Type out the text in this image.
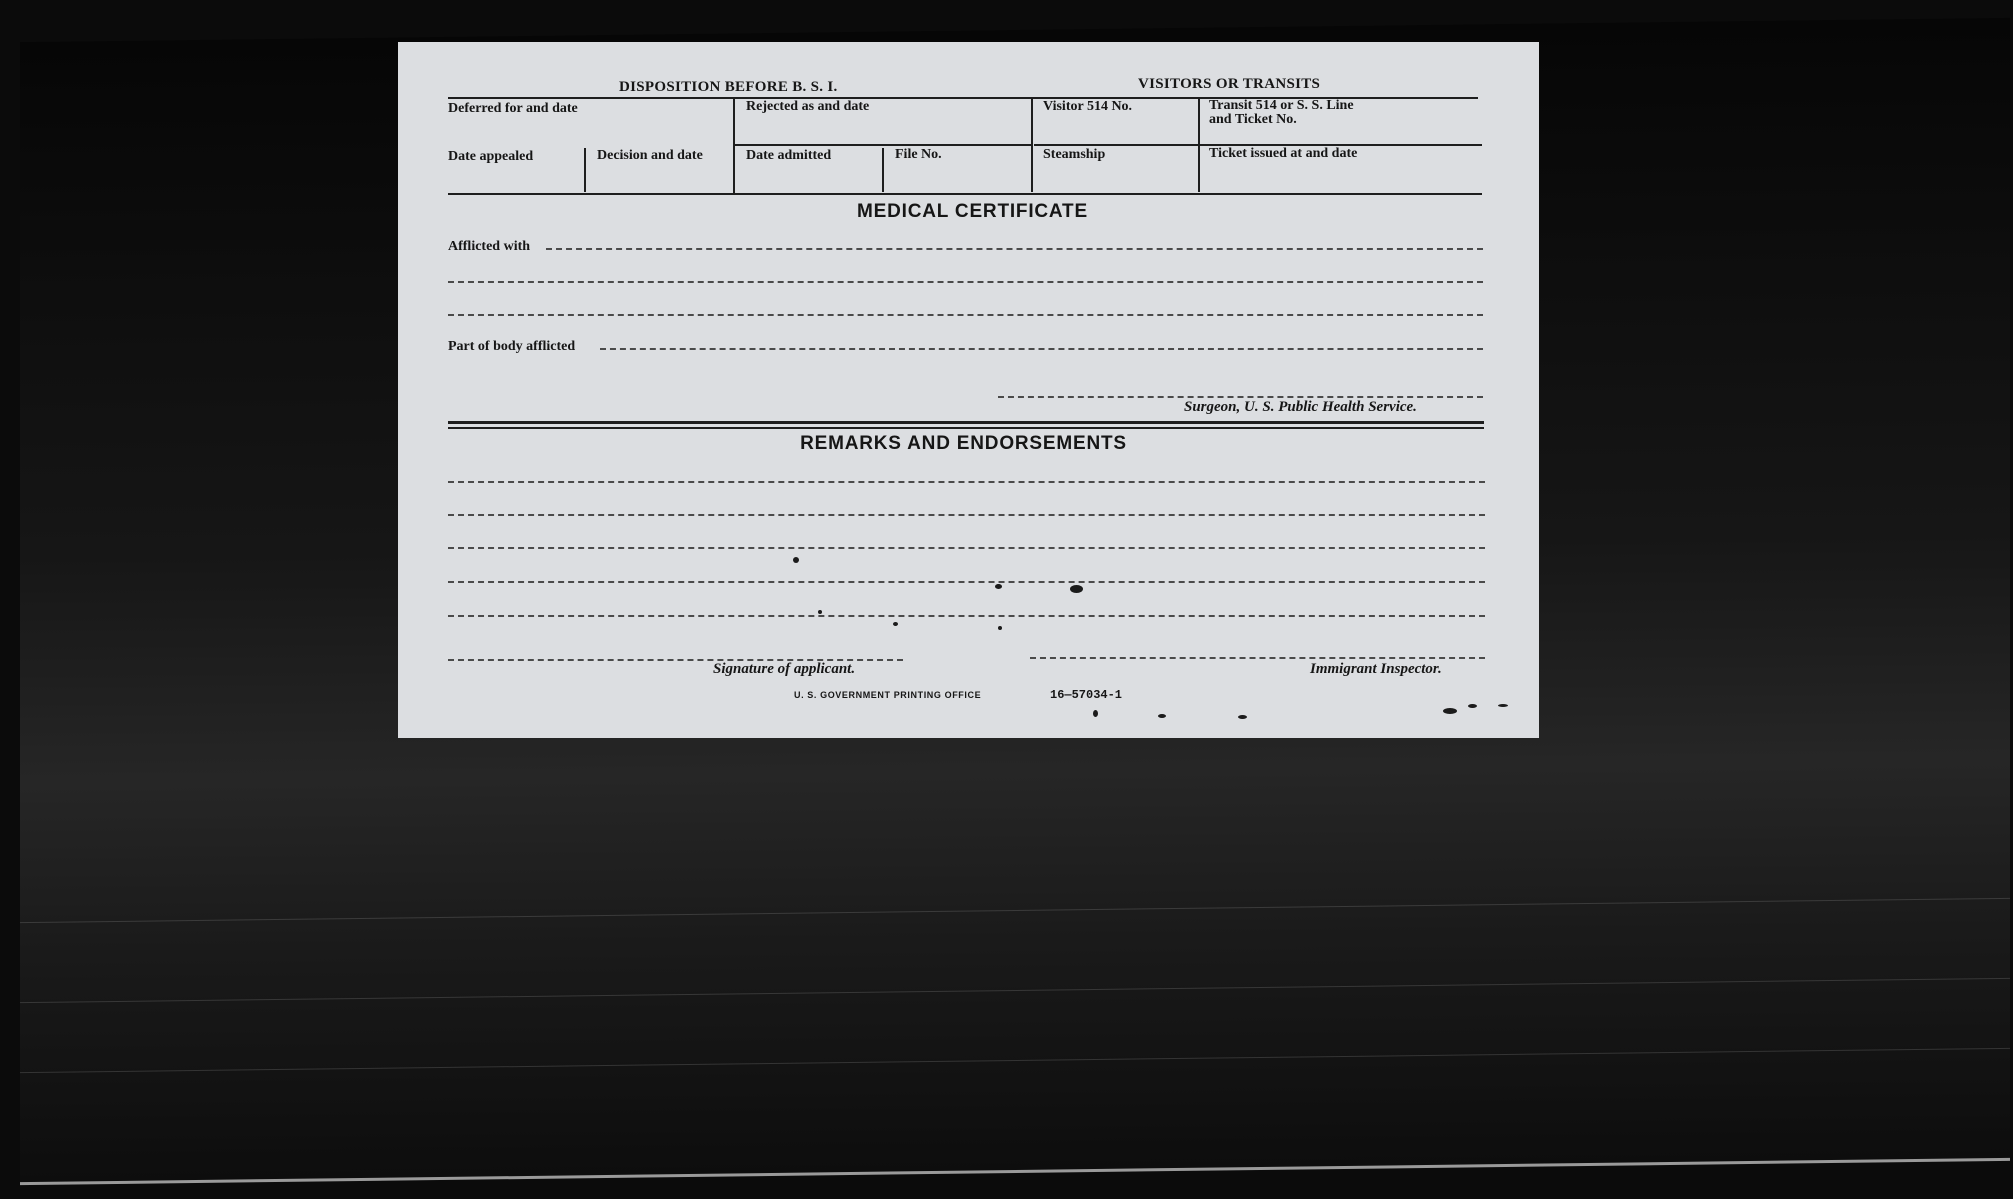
DISPOSITION BEFORE B. S. I.	VISITORS OR TRANSITS
Deferred for and date	Rejected as and date	Visitor 514 No.	Transit 514 or S. S. Line
and Ticket No.
Date appealed	Decision and date	Date admitted	File No.	Steamship	Ticket issued at and date
MEDICAL CERTIFICATE
Afflicted with
Part of body afflicted
Surgeon, U. S. Public Health Service.
REMARKS AND ENDORSEMENTS
Signature of applicant.	Immigrant Inspector.
U. S. GOVERNMENT PRINTING OFFICE	16—57034-1
